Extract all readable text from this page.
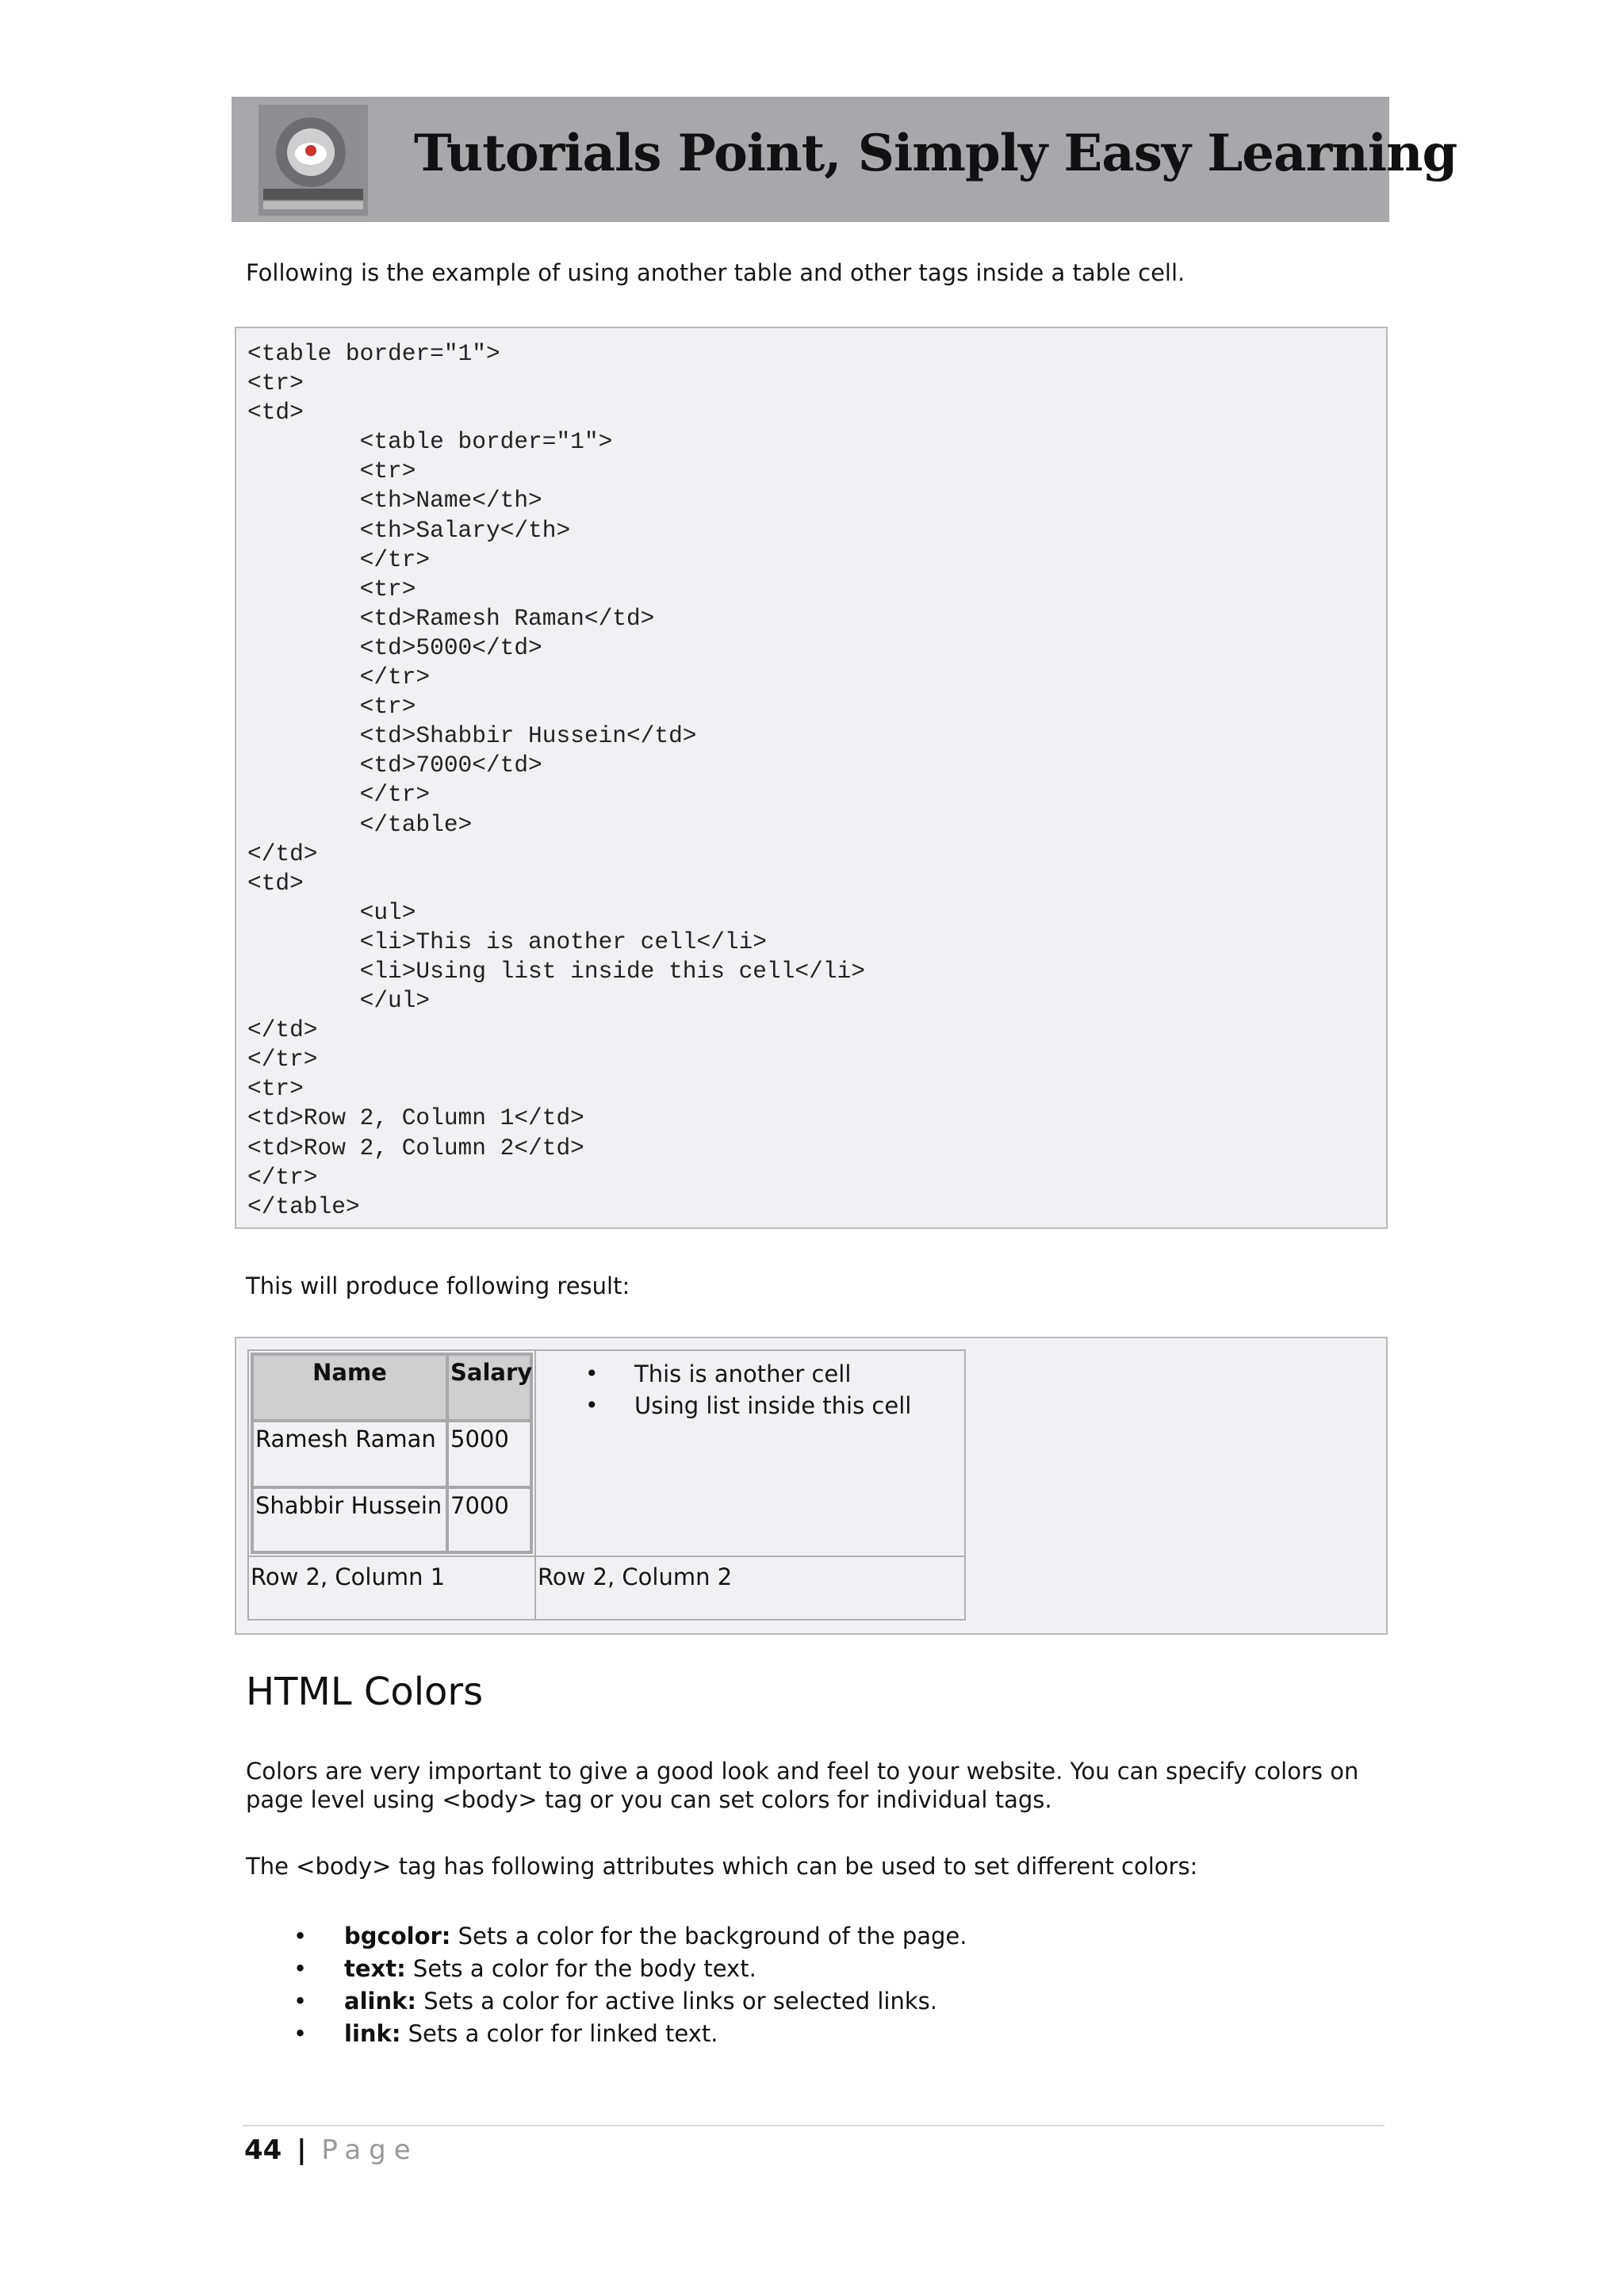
Tutorials Point, Simply Easy Learning
Following is the example of using another table and other tags inside a table cell.
<table border="1">
<tr>
<td>
<table border="1">
<tr>
<th>Name</th>
<th>Salary</th>
</tr>
<tr>
<td>Ramesh Raman</td>
<td>5000</td>
</tr>
<tr>
<td>Shabbir Hussein</td>
<td>7000</td>
</tr>
</table>
</td>
<td>
<ul>
<li>This is another cell</li>
<li>Using list inside this cell</li>
</ul>
</td>
</tr>
<tr>
<td>Row 2, Column 1</td>
<td>Row 2, Column 2</td>
</tr>
</table>
This will produce following result:
Name	Salary
Ramesh Raman 5000
Shabbir Hussein 7000
• This is another cell
• Using list inside this cell
Row 2, Column 1	Row 2, Column 2
HTML Colors
Colors are very important to give a good look and feel to your website. You can specify colors on
page level using <body> tag or you can set colors for individual tags.
The <body> tag has following attributes which can be used to set different colors:
• bgcolor: Sets a color for the background of the page.
• text: Sets a color for the body text.
• alink: Sets a color for active links or selected links.
• link: Sets a color for linked text.
44 | Page
